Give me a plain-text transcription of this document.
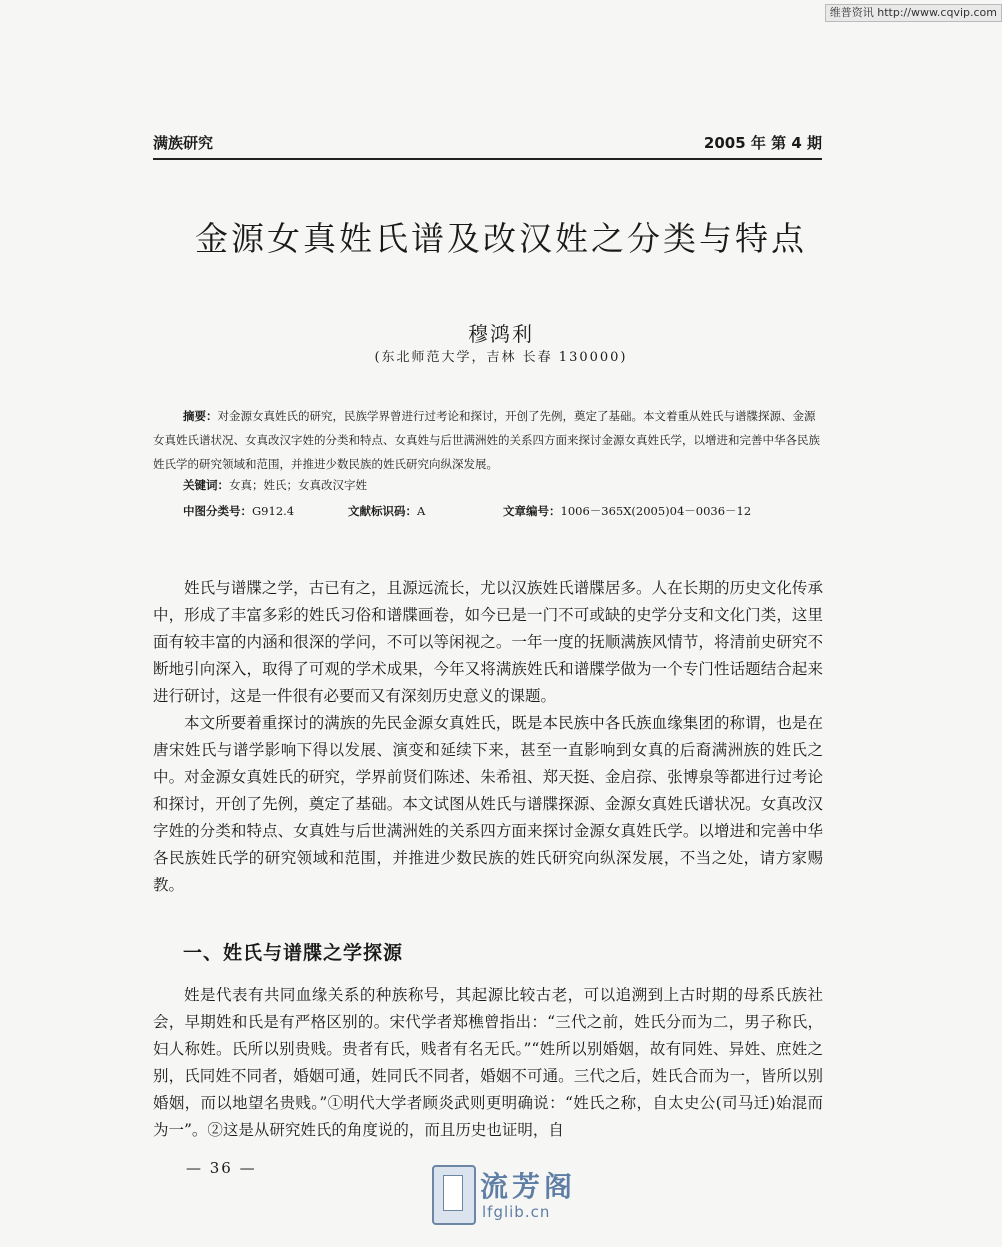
维普资讯 http://www.cqvip.com
满族研究	2005 年 第 4 期
金源女真姓氏谱及改汉姓之分类与特点
穆鸿利
(东北师范大学，吉林 长春 130000)
摘要：对金源女真姓氏的研究，民族学界曾进行过考论和探讨，开创了先例，奠定了基础。本文着重从姓氏与谱牒探源、金源女真姓氏谱状况、女真改汉字姓的分类和特点、女真姓与后世满洲姓的关系四方面来探讨金源女真姓氏学，以增进和完善中华各民族姓氏学的研究领域和范围，并推进少数民族的姓氏研究向纵深发展。
关键词：女真；姓氏；女真改汉字姓
中图分类号：G912.4	文献标识码：A	文章编号：1006－365X(2005)04－0036－12

姓氏与谱牒之学，古已有之，且源远流长，尤以汉族姓氏谱牒居多。人在长期的历史文化传承中，形成了丰富多彩的姓氏习俗和谱牒画卷，如今已是一门不可或缺的史学分支和文化门类，这里面有较丰富的内涵和很深的学问，不可以等闲视之。一年一度的抚顺满族风情节，将清前史研究不断地引向深入，取得了可观的学术成果，今年又将满族姓氏和谱牒学做为一个专门性话题结合起来进行研讨，这是一件很有必要而又有深刻历史意义的课题。

本文所要着重探讨的满族的先民金源女真姓氏，既是本民族中各氏族血缘集团的称谓，也是在唐宋姓氏与谱学影响下得以发展、演变和延续下来，甚至一直影响到女真的后裔满洲族的姓氏之中。对金源女真姓氏的研究，学界前贤们陈述、朱希祖、郑天挺、金启孮、张博泉等都进行过考论和探讨，开创了先例，奠定了基础。本文试图从姓氏与谱牒探源、金源女真姓氏谱状况。女真改汉字姓的分类和特点、女真姓与后世满洲姓的关系四方面来探讨金源女真姓氏学。以增进和完善中华各民族姓氏学的研究领域和范围，并推进少数民族的姓氏研究向纵深发展，不当之处，请方家赐教。

一、姓氏与谱牒之学探源

姓是代表有共同血缘关系的种族称号，其起源比较古老，可以追溯到上古时期的母系氏族社会，早期姓和氏是有严格区别的。宋代学者郑樵曾指出：“三代之前，姓氏分而为二，男子称氏，妇人称姓。氏所以别贵贱。贵者有氏，贱者有名无氏。”“姓所以别婚姻，故有同姓、异姓、庶姓之别，氏同姓不同者，婚姻可通，姓同氏不同者，婚姻不可通。三代之后，姓氏合而为一，皆所以别婚姻，而以地望名贵贱。”①明代大学者顾炎武则更明确说：“姓氏之称，自太史公(司马迁)始混而为一”。②这是从研究姓氏的角度说的，而且历史也证明，自

— 36 —
流芳阁
lfglib.cn
